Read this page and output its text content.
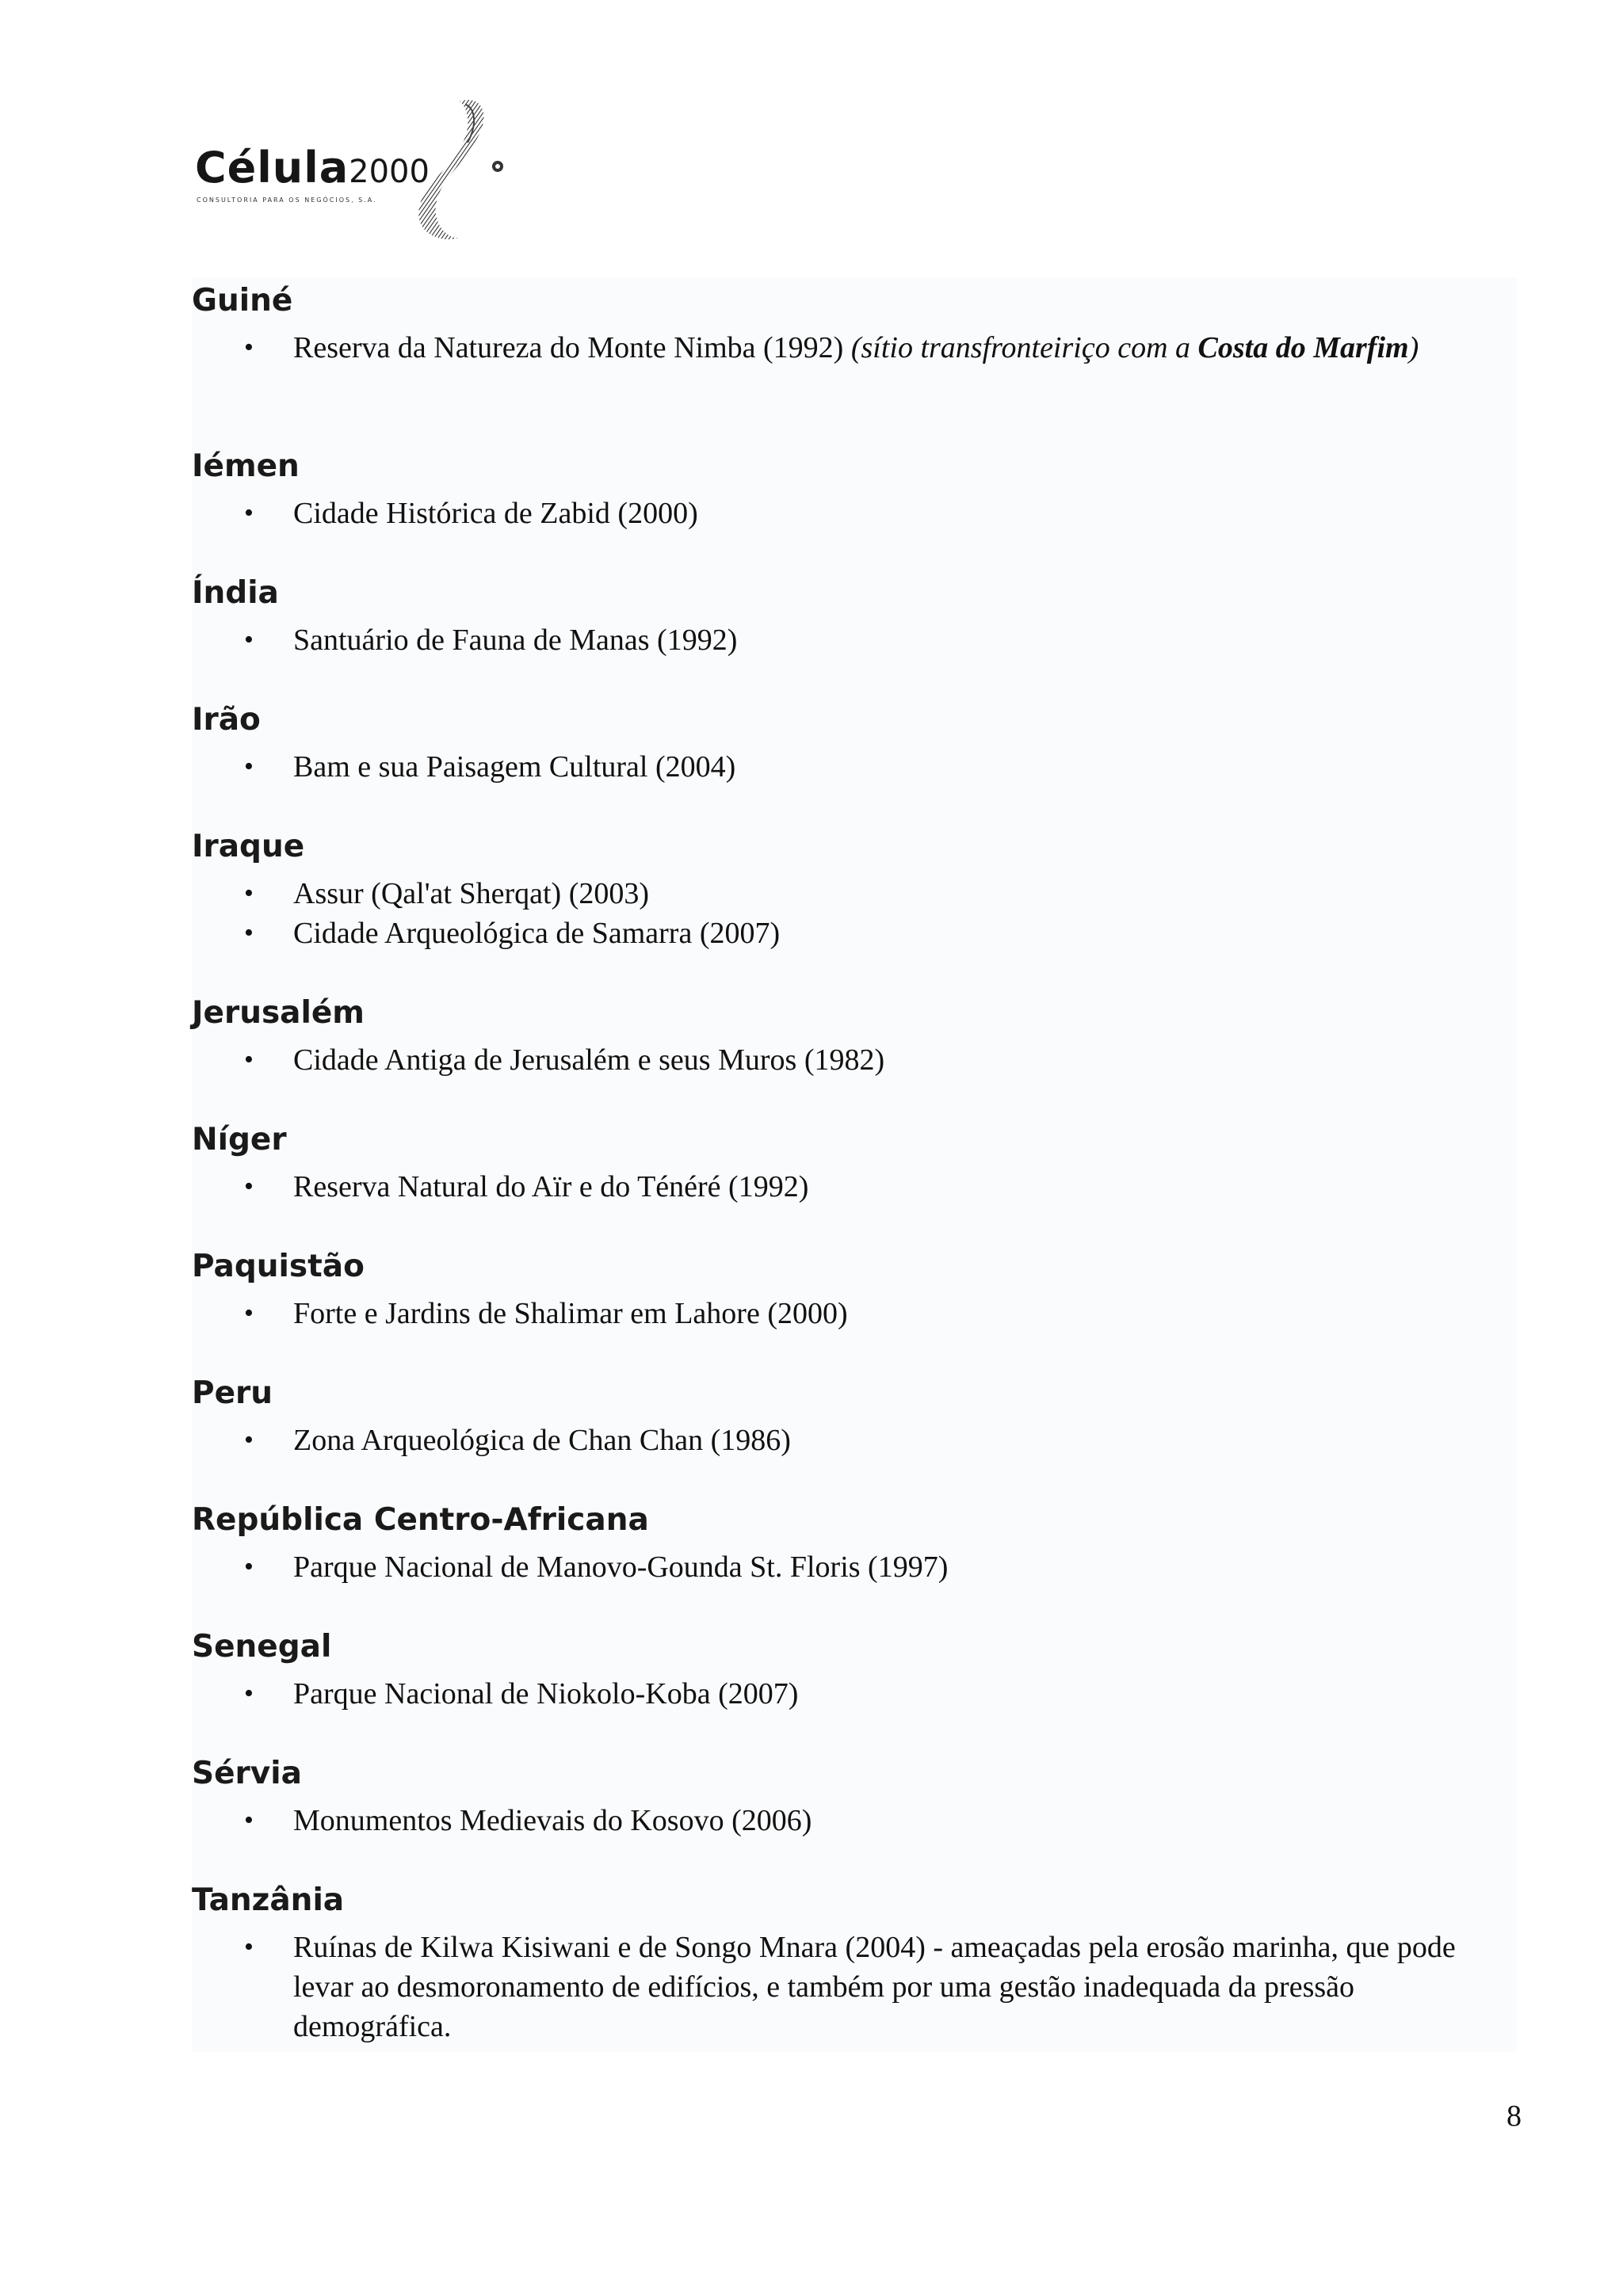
Célula2000
CONSULTORIA PARA OS NEGÓCIOS, S.A.
Guiné
• Reserva da Natureza do Monte Nimba (1992) (sítio transfronteiriço com a Costa do Marfim)
Iémen
• Cidade Histórica de Zabid (2000)
Índia
• Santuário de Fauna de Manas (1992)
Irão
• Bam e sua Paisagem Cultural (2004)
Iraque
• Assur (Qal'at Sherqat) (2003)
• Cidade Arqueológica de Samarra (2007)
Jerusalém
• Cidade Antiga de Jerusalém e seus Muros (1982)
Níger
• Reserva Natural do Aïr e do Ténéré (1992)
Paquistão
• Forte e Jardins de Shalimar em Lahore (2000)
Peru
• Zona Arqueológica de Chan Chan (1986)
República Centro-Africana
• Parque Nacional de Manovo-Gounda St. Floris (1997)
Senegal
• Parque Nacional de Niokolo-Koba (2007)
Sérvia
• Monumentos Medievais do Kosovo (2006)
Tanzânia
• Ruínas de Kilwa Kisiwani e de Songo Mnara (2004) - ameaçadas pela erosão marinha, que pode levar ao desmoronamento de edifícios, e também por uma gestão inadequada da pressão demográfica.
8
